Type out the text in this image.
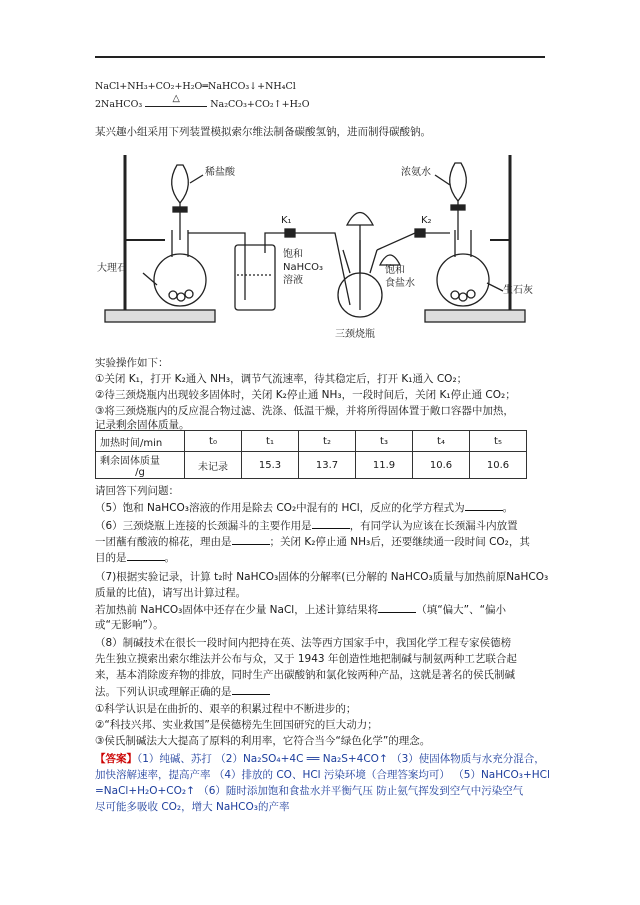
NaCl+NH₃+CO₂+H₂O═NaHCO₃↓+NH₄Cl
2NaHCO₃ △ Na₂CO₃+CO₂↑+H₂O
某兴趣小组采用下列装置模拟索尔维法制备碳酸氢钠，进而制得碳酸钠。
稀盐酸
大理石
K₁
饱和
NaHCO₃
溶液
三颈烧瓶
饱和
食盐水
浓氨水
K₂
生石灰
实验操作如下：
①关闭 K₁，打开 K₂通入 NH₃，调节气流速率，待其稳定后，打开 K₁通入 CO₂；
②待三颈烧瓶内出现较多固体时，关闭 K₂停止通 NH₃，一段时间后，关闭 K₁停止通 CO₂；
③将三颈烧瓶内的反应混合物过滤、洗涤、低温干燥，并将所得固体置于敞口容器中加热，
记录剩余固体质量。
加热时间/min	t₀	t₁	t₂	t₃	t₄	t₅

剩余固体质量
/g	未记录	15.3	13.7	11.9	10.6	10.6
请回答下列问题：
（5）饱和 NaHCO₃溶液的作用是除去 CO₂中混有的 HCl，反应的化学方程式为	。
（6）三颈烧瓶上连接的长颈漏斗的主要作用是	，有同学认为应该在长颈漏斗内放置
一团蘸有酸液的棉花，理由是	；关闭 K₂停止通 NH₃后，还要继续通一段时间 CO₂，其
目的是	。
（7)根据实验记录，计算 t₂时 NaHCO₃固体的分解率(已分解的 NaHCO₃质量与加热前原NaHCO₃
质量的比值)，请写出计算过程。
若加热前 NaHCO₃固体中还存在少量 NaCl，上述计算结果将	（填“偏大”、“偏小
或“无影响”）。
（8）制碱技术在很长一段时间内把持在英、法等西方国家手中，我国化学工程专家侯德榜
先生独立摸索出索尔维法并公布与众，又于 1943 年创造性地把制碱与制氨两种工艺联合起
来，基本消除废弃物的排放，同时生产出碳酸钠和氯化铵两种产品，这就是著名的侯氏制碱
法。下列认识或理解正确的是
①科学认识是在曲折的、艰辛的积累过程中不断进步的；
②“科技兴邦、实业救国”是侯德榜先生回国研究的巨大动力；
③侯氏制碱法大大提高了原料的利用率，它符合当今“绿色化学”的理念。
【答案】（1）纯碱、苏打 （2）Na₂SO₄+4C ══ Na₂S+4CO↑ （3）使固体物质与水充分混合，
加快溶解速率，提高产率 （4）排放的 CO、HCl 污染环境（合理答案均可） （5）NaHCO₃+HCl
=NaCl+H₂O+CO₂↑ （6）随时添加饱和食盐水并平衡气压 防止氨气挥发到空气中污染空气
尽可能多吸收 CO₂，增大 NaHCO₃的产率
